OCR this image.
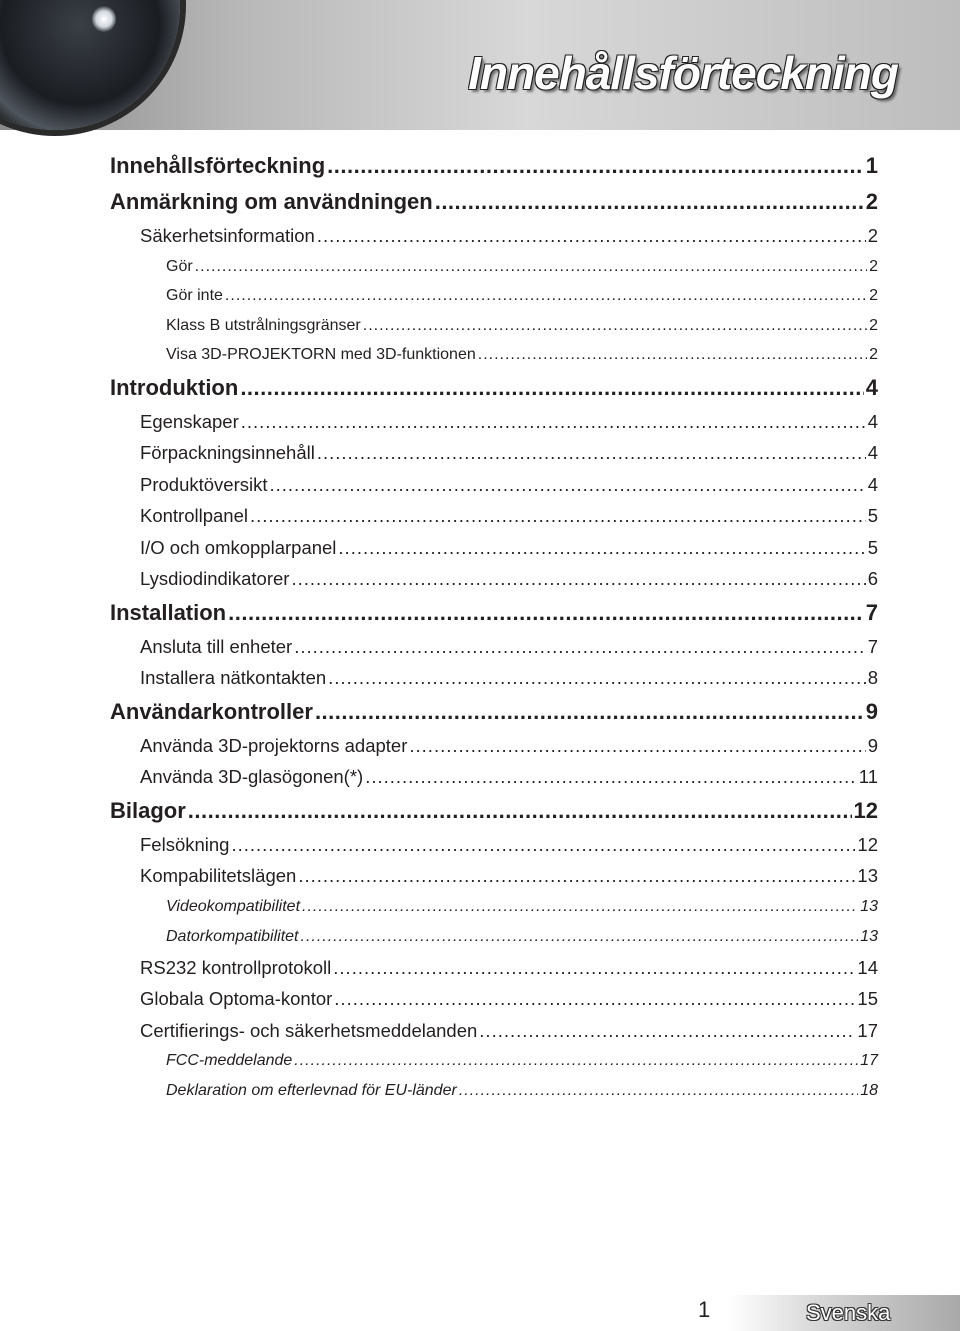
Innehållsförteckning
Innehållsförteckning .....	1
Anmärkning om användningen .....	2
Säkerhetsinformation .....	2
Gör .....	2
Gör inte .....	2
Klass B utstrålningsgränser .....	2
Visa 3D-PROJEKTORN med 3D-funktionen .....	2
Introduktion .....	4
Egenskaper .....	4
Förpackningsinnehåll .....	4
Produktöversikt .....	4
Kontrollpanel .....	5
I/O och omkopplarpanel .....	5
Lysdiodindikatorer .....	6
Installation .....	7
Ansluta till enheter .....	7
Installera nätkontakten .....	8
Användarkontroller .....	9
Använda 3D-projektorns adapter .....	9
Använda 3D-glasögonen(*) .....	11
Bilagor .....	12
Felsökning .....	12
Kompabilitetslägen .....	13
Videokompatibilitet .....	13
Datorkompatibilitet .....	13
RS232 kontrollprotokoll .....	14
Globala Optoma-kontor .....	15
Certifierings- och säkerhetsmeddelanden .....	17
FCC-meddelande .....	17
Deklaration om efterlevnad för EU-länder .....	18
1	Svenska
